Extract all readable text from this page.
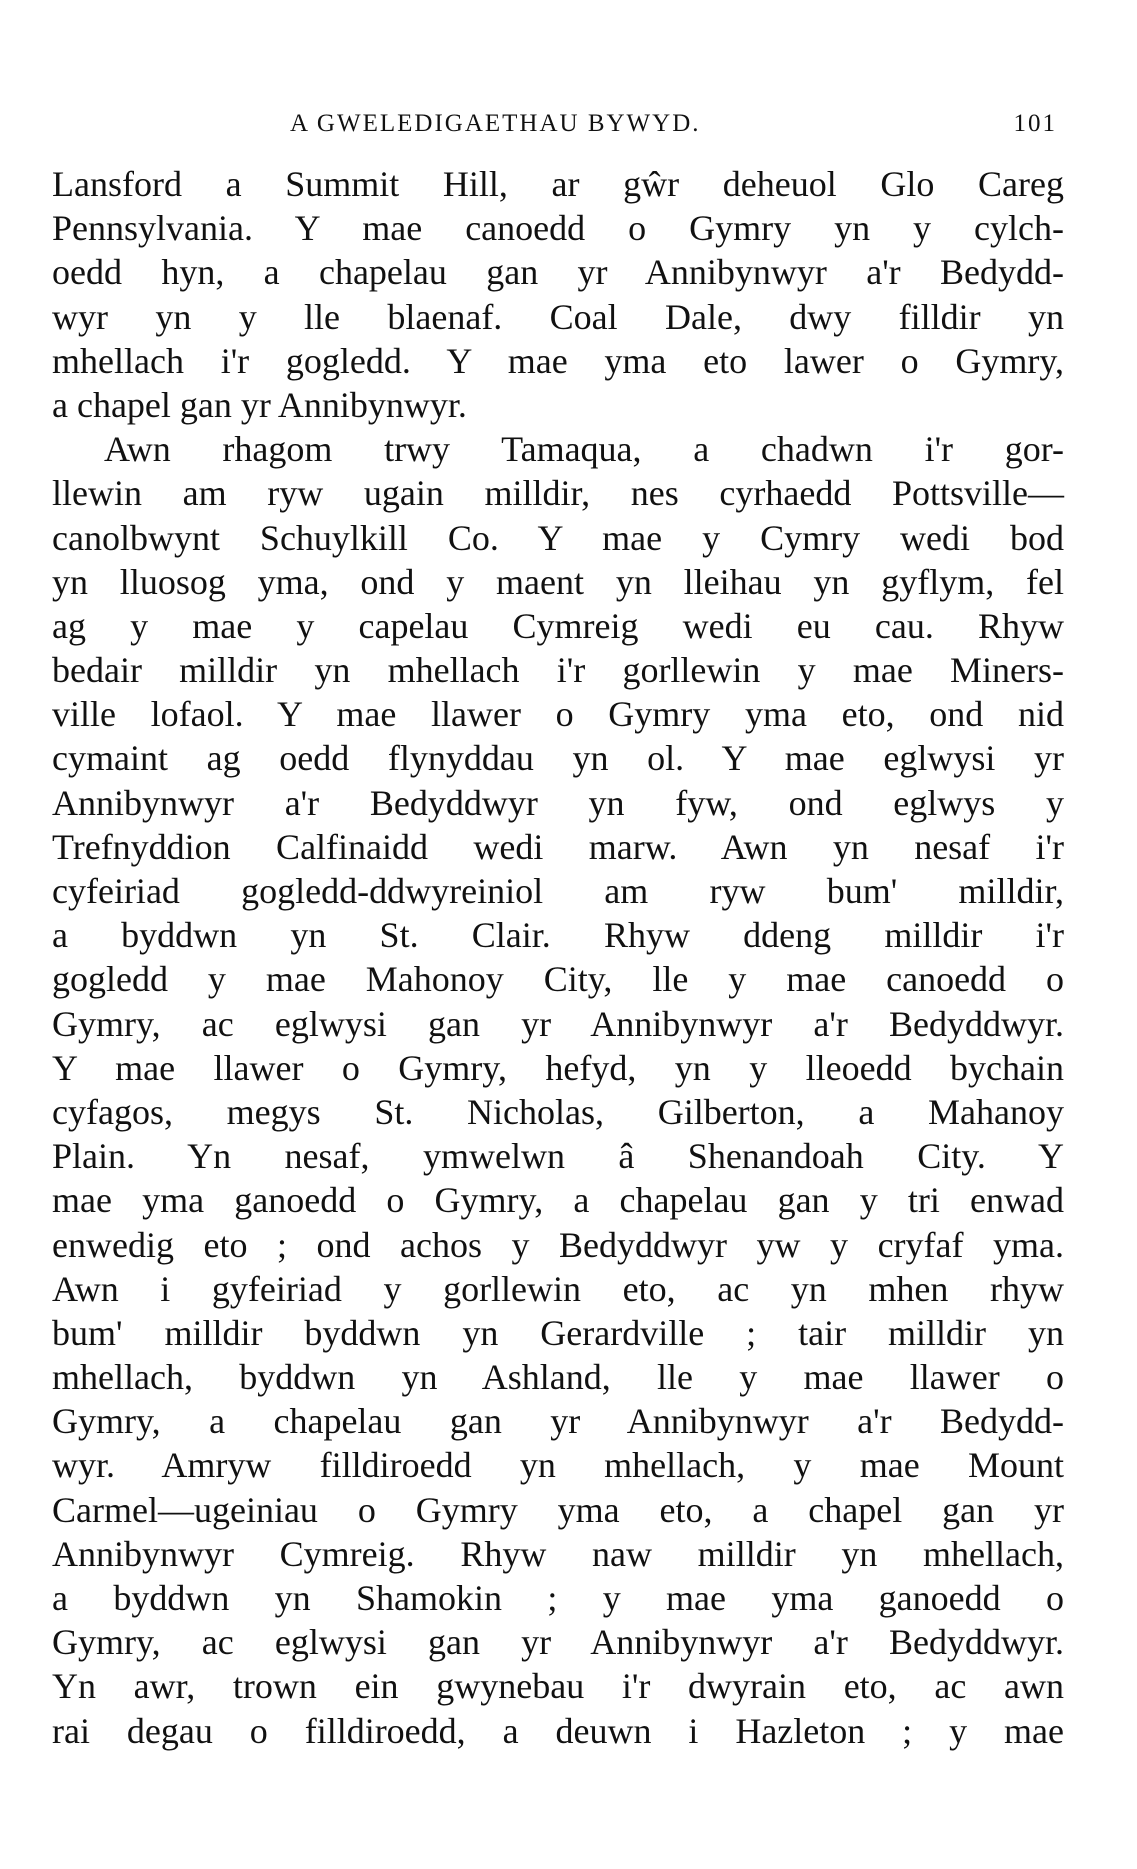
A GWELEDIGAETHAU BYWYD.	101
Lansford a Summit Hill, ar gŵr deheuol Glo Careg
Pennsylvania. Y mae canoedd o Gymry yn y cylch-
oedd hyn, a chapelau gan yr Annibynwyr a'r Bedydd-
wyr yn y lle blaenaf. Coal Dale, dwy filldir yn
mhellach i'r gogledd. Y mae yma eto lawer o Gymry,
a chapel gan yr Annibynwyr.
Awn rhagom trwy Tamaqua, a chadwn i'r gor-
llewin am ryw ugain milldir, nes cyrhaedd Pottsville—
canolbwynt Schuylkill Co. Y mae y Cymry wedi bod
yn lluosog yma, ond y maent yn lleihau yn gyflym, fel
ag y mae y capelau Cymreig wedi eu cau. Rhyw
bedair milldir yn mhellach i'r gorllewin y mae Miners-
ville lofaol. Y mae llawer o Gymry yma eto, ond nid
cymaint ag oedd flynyddau yn ol. Y mae eglwysi yr
Annibynwyr a'r Bedyddwyr yn fyw, ond eglwys y
Trefnyddion Calfinaidd wedi marw. Awn yn nesaf i'r
cyfeiriad gogledd-ddwyreiniol am ryw bum' milldir,
a byddwn yn St. Clair. Rhyw ddeng milldir i'r
gogledd y mae Mahonoy City, lle y mae canoedd o
Gymry, ac eglwysi gan yr Annibynwyr a'r Bedyddwyr.
Y mae llawer o Gymry, hefyd, yn y lleoedd bychain
cyfagos, megys St. Nicholas, Gilberton, a Mahanoy
Plain. Yn nesaf, ymwelwn â Shenandoah City. Y
mae yma ganoedd o Gymry, a chapelau gan y tri enwad
enwedig eto ; ond achos y Bedyddwyr yw y cryfaf yma.
Awn i gyfeiriad y gorllewin eto, ac yn mhen rhyw
bum' milldir byddwn yn Gerardville ; tair milldir yn
mhellach, byddwn yn Ashland, lle y mae llawer o
Gymry, a chapelau gan yr Annibynwyr a'r Bedydd-
wyr. Amryw filldiroedd yn mhellach, y mae Mount
Carmel—ugeiniau o Gymry yma eto, a chapel gan yr
Annibynwyr Cymreig. Rhyw naw milldir yn mhellach,
a byddwn yn Shamokin ; y mae yma ganoedd o
Gymry, ac eglwysi gan yr Annibynwyr a'r Bedyddwyr.
Yn awr, trown ein gwynebau i'r dwyrain eto, ac awn
rai degau o filldiroedd, a deuwn i Hazleton ; y mae
